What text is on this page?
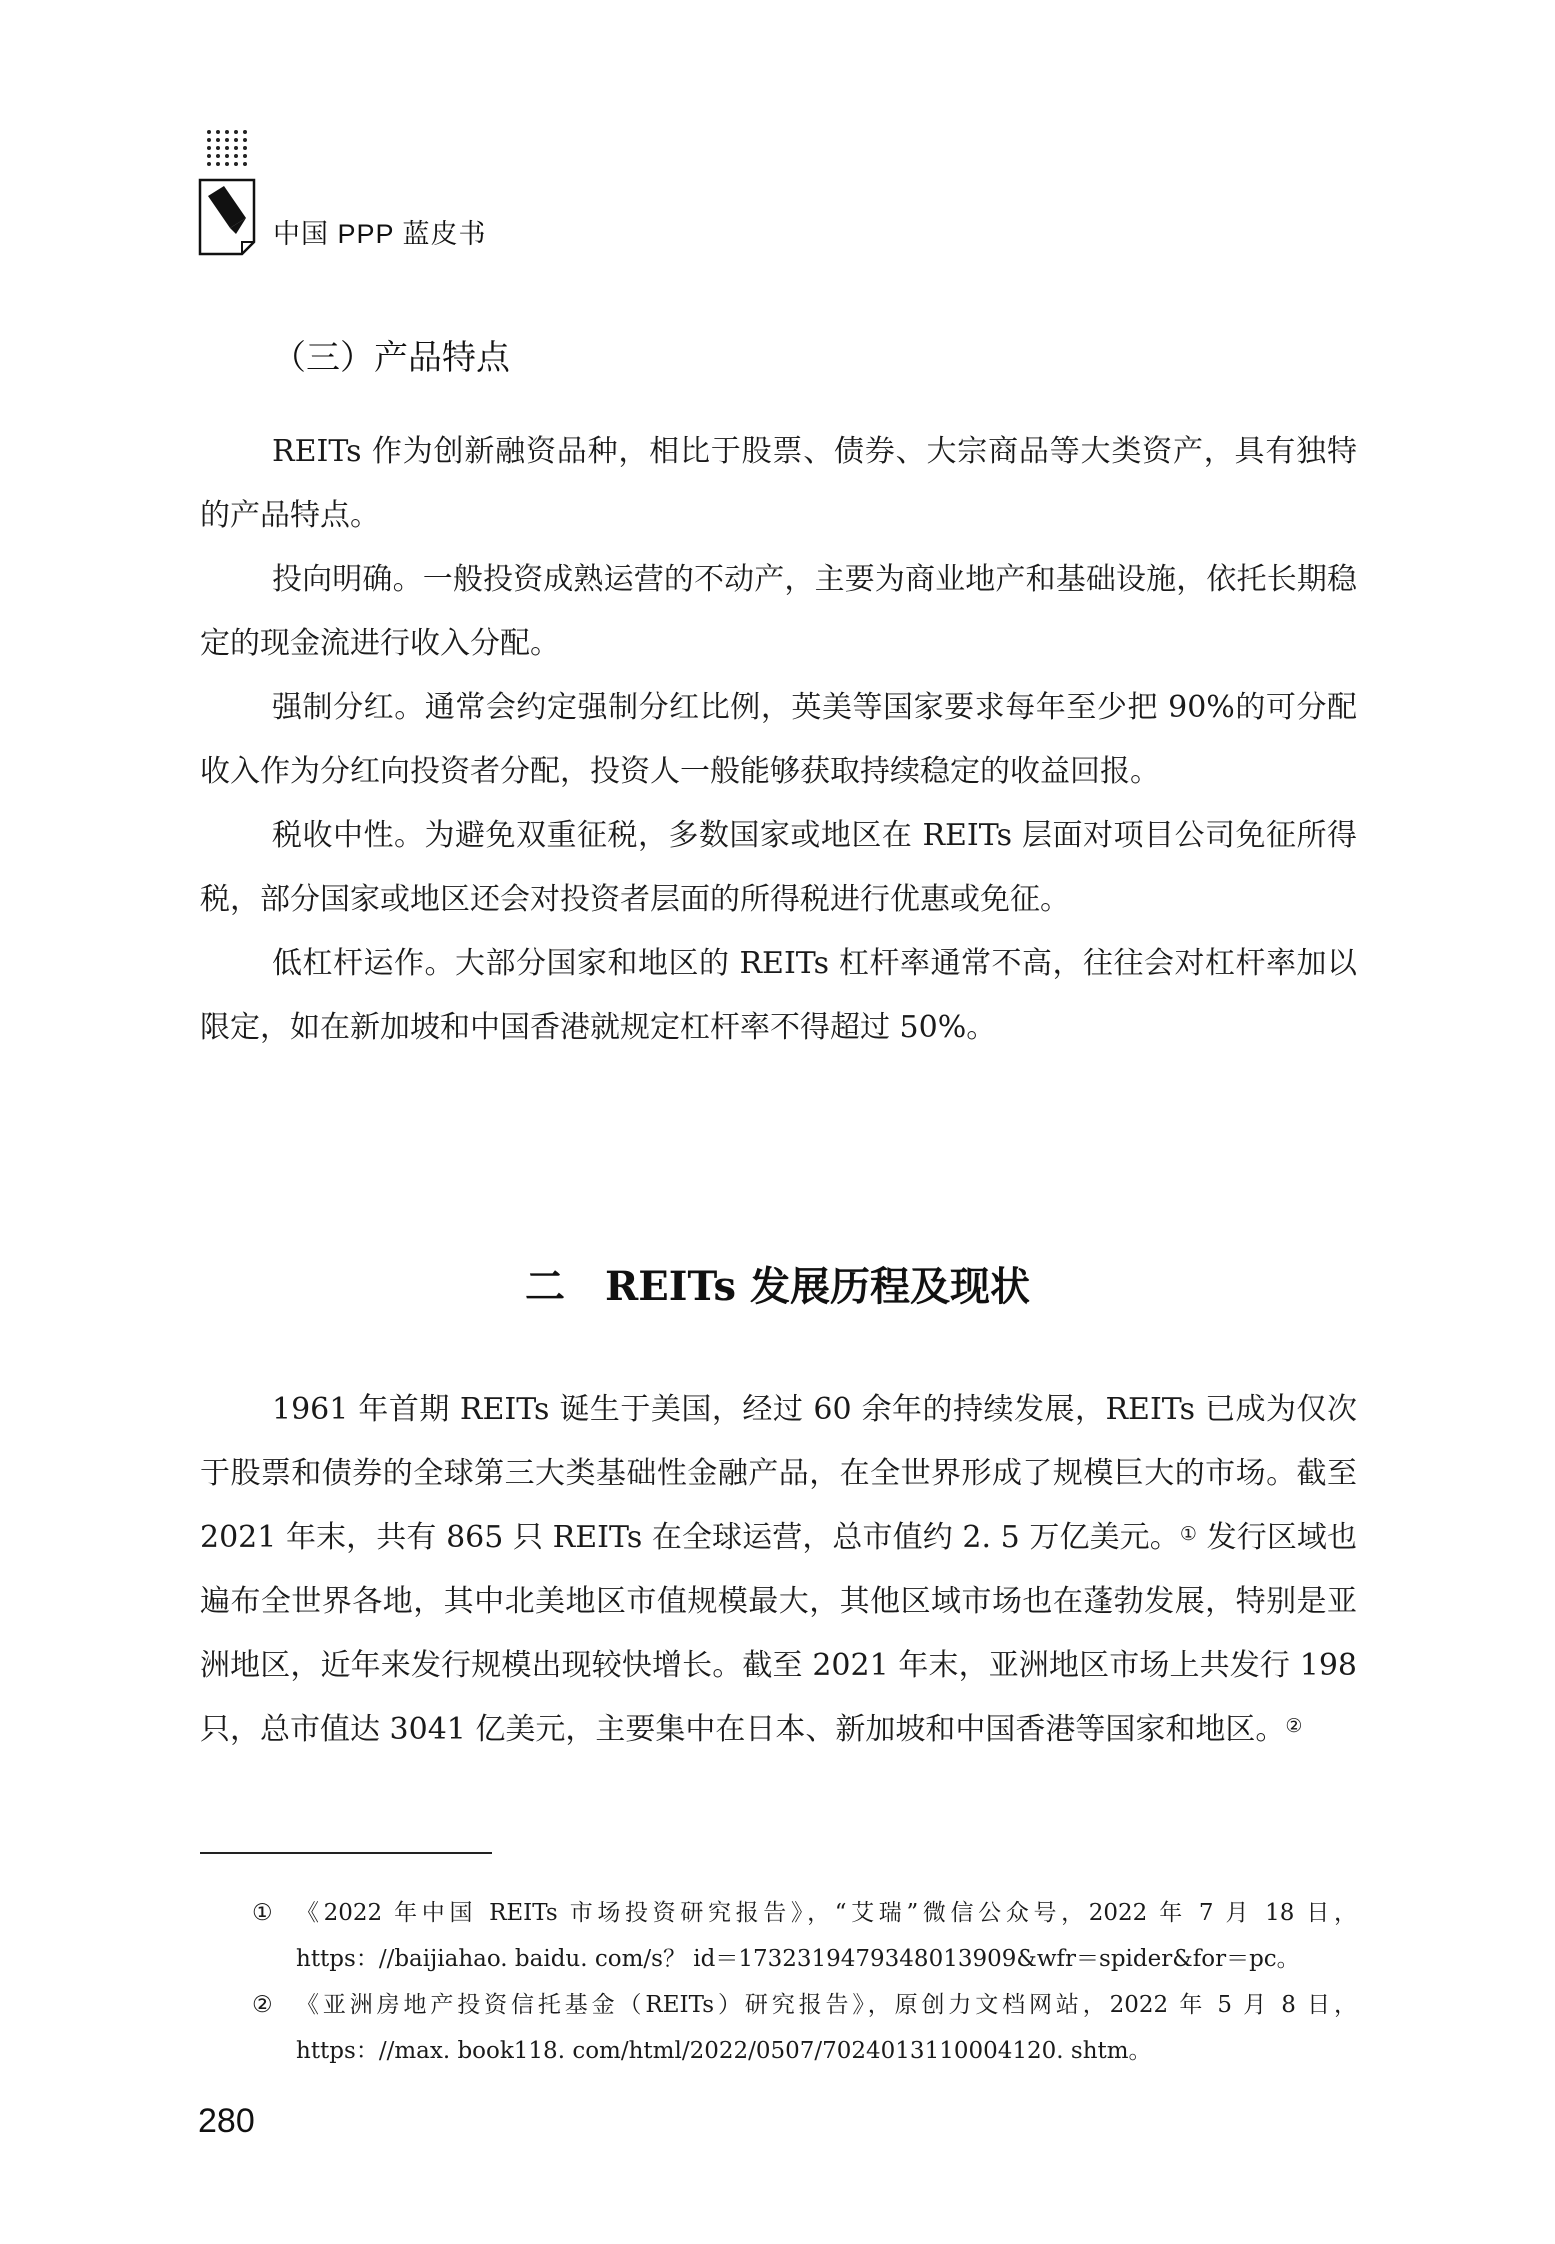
中国 PPP 蓝皮书
（三）产品特点

REITs 作为创新融资品种，相比于股票、债券、大宗商品等大类资产，具有独特的产品特点。

投向明确。一般投资成熟运营的不动产，主要为商业地产和基础设施，依托长期稳定的现金流进行收入分配。

强制分红。通常会约定强制分红比例，英美等国家要求每年至少把 90%的可分配收入作为分红向投资者分配，投资人一般能够获取持续稳定的收益回报。

税收中性。为避免双重征税，多数国家或地区在 REITs 层面对项目公司免征所得税，部分国家或地区还会对投资者层面的所得税进行优惠或免征。

低杠杆运作。大部分国家和地区的 REITs 杠杆率通常不高，往往会对杠杆率加以限定，如在新加坡和中国香港就规定杠杆率不得超过 50%。

二　REITs 发展历程及现状

1961 年首期 REITs 诞生于美国，经过 60 余年的持续发展，REITs 已成为仅次于股票和债券的全球第三大类基础性金融产品，在全世界形成了规模巨大的市场。截至 2021 年末，共有 865 只 REITs 在全球运营，总市值约 2. 5 万亿美元。① 发行区域也遍布全世界各地，其中北美地区市值规模最大，其他区域市场也在蓬勃发展，特别是亚洲地区，近年来发行规模出现较快增长。截至 2021 年末，亚洲地区市场上共发行 198 只，总市值达 3041 亿美元，主要集中在日本、新加坡和中国香港等国家和地区。②

①	《2022 年中国 REITs 市场投资研究报告》，“艾瑞”微信公众号，2022 年 7 月 18 日，https：//baijiahao. baidu. com/s？ id＝1732319479348013909&wfr＝spider&for＝pc。
②	《亚洲房地产投资信托基金（REITs）研究报告》，原创力文档网站，2022 年 5 月 8 日，https：//max. book118. com/html/2022/0507/7024013110004120. shtm。
280
